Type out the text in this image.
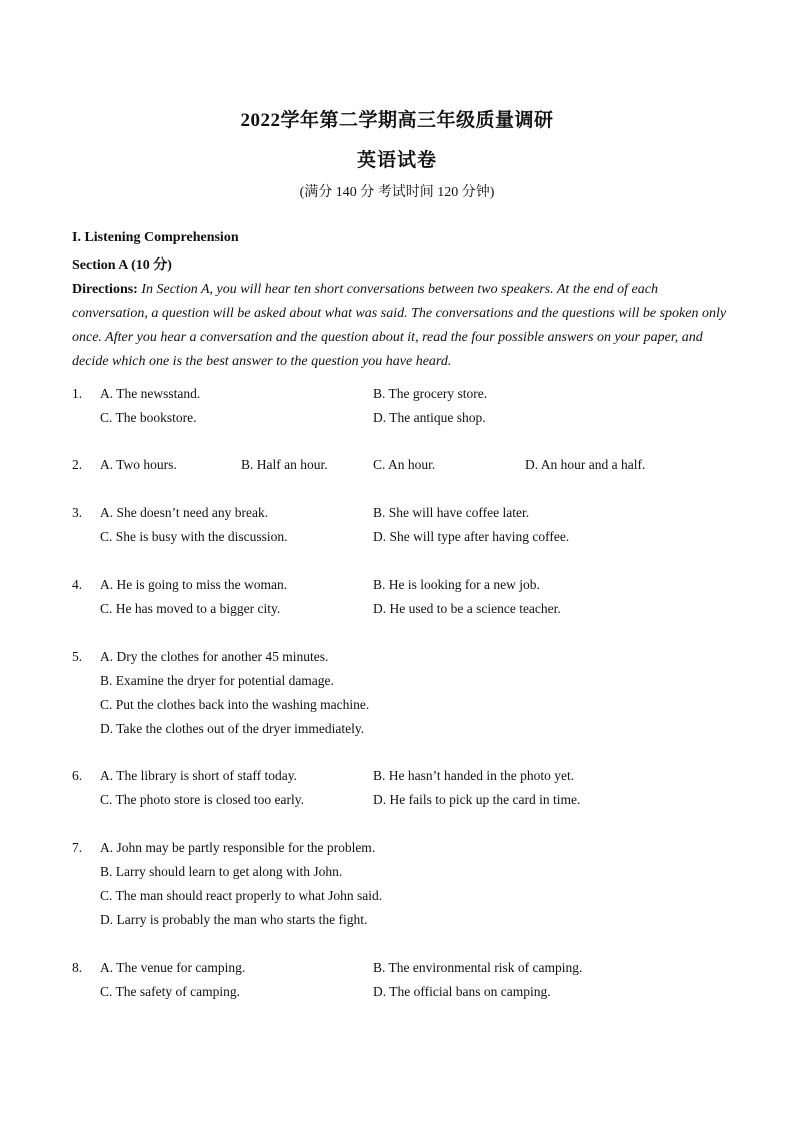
2022学年第二学期高三年级质量调研
英语试卷
(满分 140 分 考试时间 120 分钟)
I. Listening Comprehension
Section A (10 分)
Directions: In Section A, you will hear ten short conversations between two speakers. At the end of each conversation, a question will be asked about what was said. The conversations and the questions will be spoken only once. After you hear a conversation and the question about it, read the four possible answers on your paper, and decide which one is the best answer to the question you have heard.
1. A. The newsstand.	B. The grocery store.
C. The bookstore.	D. The antique shop.
2. A. Two hours.	B. Half an hour.	C. An hour.	D. An hour and a half.
3. A. She doesn’t need any break.	B. She will have coffee later.
C. She is busy with the discussion.	D. She will type after having coffee.
4. A. He is going to miss the woman.	B. He is looking for a new job.
C. He has moved to a bigger city.	D. He used to be a science teacher.
5. A. Dry the clothes for another 45 minutes.
B. Examine the dryer for potential damage.
C. Put the clothes back into the washing machine.
D. Take the clothes out of the dryer immediately.
6. A. The library is short of staff today.	B. He hasn’t handed in the photo yet.
C. The photo store is closed too early.	D. He fails to pick up the card in time.
7. A. John may be partly responsible for the problem.
B. Larry should learn to get along with John.
C. The man should react properly to what John said.
D. Larry is probably the man who starts the fight.
8. A. The venue for camping.	B. The environmental risk of camping.
C. The safety of camping.	D. The official bans on camping.
